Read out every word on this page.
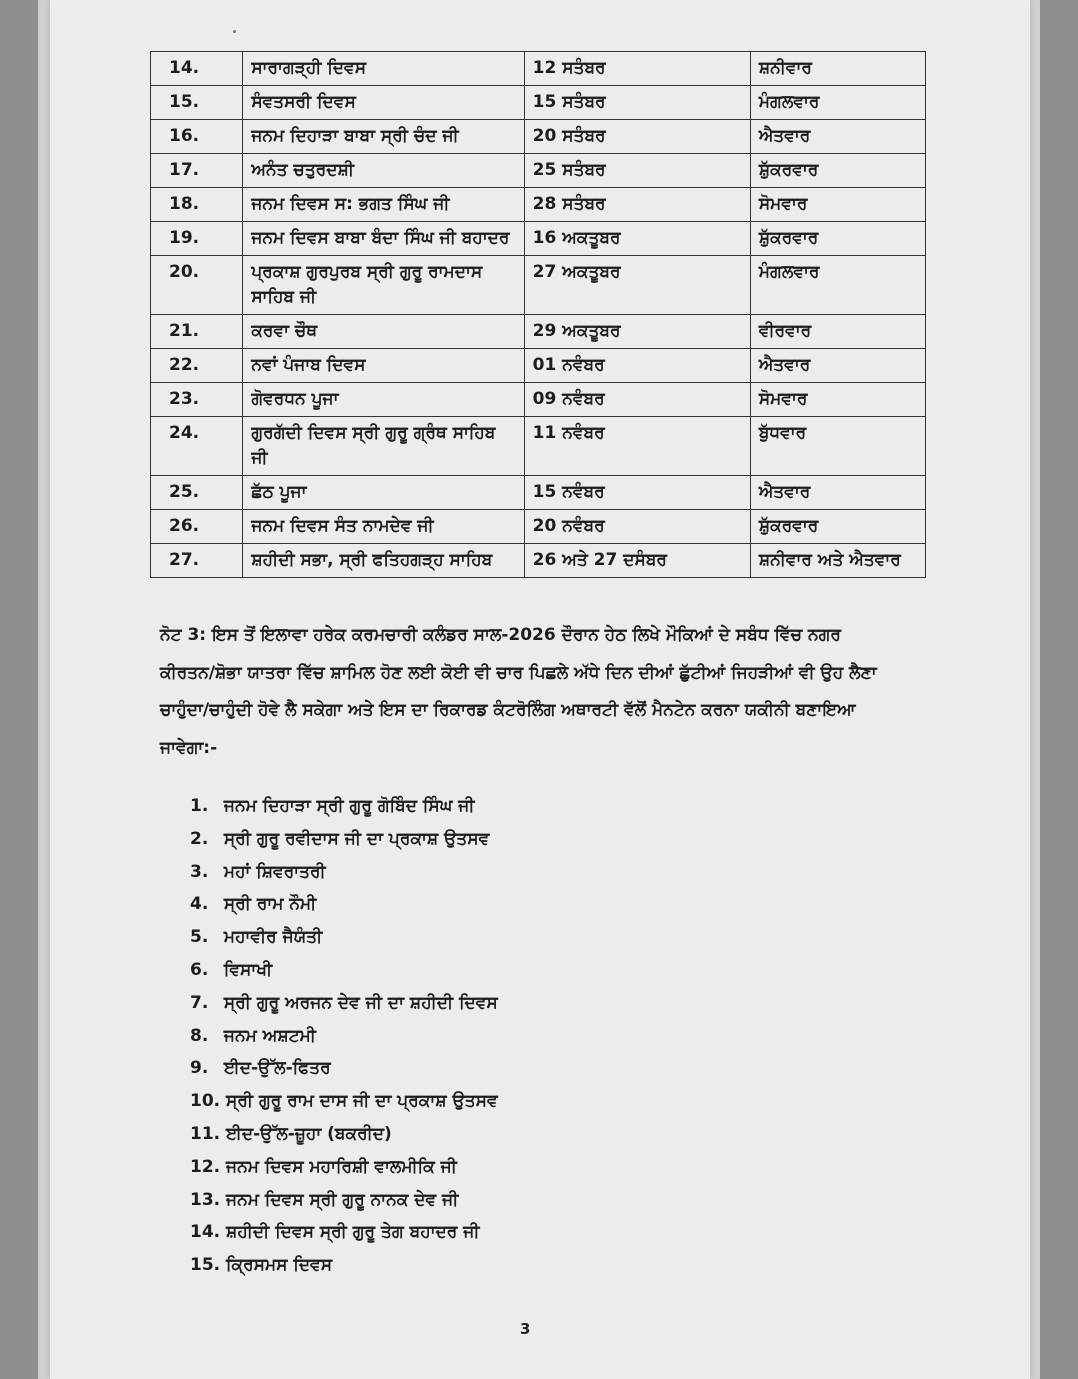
14.	ਸਾਰਾਗੜ੍ਹੀ ਦਿਵਸ	12 ਸਤੰਬਰ	ਸ਼ਨੀਵਾਰ
15.	ਸੰਵਤਸਰੀ ਦਿਵਸ	15 ਸਤੰਬਰ	ਮੰਗਲਵਾਰ
16.	ਜਨਮ ਦਿਹਾੜਾ ਬਾਬਾ ਸ੍ਰੀ ਚੰਦ ਜੀ	20 ਸਤੰਬਰ	ਐਤਵਾਰ
17.	ਅਨੰਤ ਚਤੁਰਦਸ਼ੀ	25 ਸਤੰਬਰ	ਸ਼ੁੱਕਰਵਾਰ
18.	ਜਨਮ ਦਿਵਸ ਸ: ਭਗਤ ਸਿੰਘ ਜੀ	28 ਸਤੰਬਰ	ਸੋਮਵਾਰ
19.	ਜਨਮ ਦਿਵਸ ਬਾਬਾ ਬੰਦਾ ਸਿੰਘ ਜੀ ਬਹਾਦਰ	16 ਅਕਤੂਬਰ	ਸ਼ੁੱਕਰਵਾਰ
20.	ਪ੍ਰਕਾਸ਼ ਗੁਰਪੁਰਬ ਸ੍ਰੀ ਗੁਰੂ ਰਾਮਦਾਸ ਸਾਹਿਬ ਜੀ	27 ਅਕਤੂਬਰ	ਮੰਗਲਵਾਰ
21.	ਕਰਵਾ ਚੌਥ	29 ਅਕਤੂਬਰ	ਵੀਰਵਾਰ
22.	ਨਵਾਂ ਪੰਜਾਬ ਦਿਵਸ	01 ਨਵੰਬਰ	ਐਤਵਾਰ
23.	ਗੋਵਰਧਨ ਪੂਜਾ	09 ਨਵੰਬਰ	ਸੋਮਵਾਰ
24.	ਗੁਰਗੱਦੀ ਦਿਵਸ ਸ੍ਰੀ ਗੁਰੂ ਗ੍ਰੰਥ ਸਾਹਿਬ ਜੀ	11 ਨਵੰਬਰ	ਬੁੱਧਵਾਰ
25.	ਛੱਠ ਪੂਜਾ	15 ਨਵੰਬਰ	ਐਤਵਾਰ
26.	ਜਨਮ ਦਿਵਸ ਸੰਤ ਨਾਮਦੇਵ ਜੀ	20 ਨਵੰਬਰ	ਸ਼ੁੱਕਰਵਾਰ
27.	ਸ਼ਹੀਦੀ ਸਭਾ, ਸ੍ਰੀ ਫਤਿਹਗੜ੍ਹ ਸਾਹਿਬ	26 ਅਤੇ 27 ਦਸੰਬਰ	ਸ਼ਨੀਵਾਰ ਅਤੇ ਐਤਵਾਰ
ਨੋਟ 3: ਇਸ ਤੋਂ ਇਲਾਵਾ ਹਰੇਕ ਕਰਮਚਾਰੀ ਕਲੰਡਰ ਸਾਲ-2026 ਦੌਰਾਨ ਹੇਠ ਲਿਖੇ ਮੌਕਿਆਂ ਦੇ ਸਬੰਧ ਵਿੱਚ ਨਗਰ ਕੀਰਤਨ/ਸ਼ੋਭਾ ਯਾਤਰਾ ਵਿੱਚ ਸ਼ਾਮਿਲ ਹੋਣ ਲਈ ਕੋਈ ਵੀ ਚਾਰ ਪਿਛਲੇ ਅੱਧੇ ਦਿਨ ਦੀਆਂ ਛੁੱਟੀਆਂ ਜਿਹੜੀਆਂ ਵੀ ਉਹ ਲੈਣਾ ਚਾਹੁੰਦਾ/ਚਾਹੁੰਦੀ ਹੋਵੇ ਲੈ ਸਕੇਗਾ ਅਤੇ ਇਸ ਦਾ ਰਿਕਾਰਡ ਕੰਟਰੋਲਿੰਗ ਅਥਾਰਟੀ ਵੱਲੋਂ ਮੈਨਟੇਨ ਕਰਨਾ ਯਕੀਨੀ ਬਣਾਇਆ ਜਾਵੇਗਾ:-
1. ਜਨਮ ਦਿਹਾੜਾ ਸ੍ਰੀ ਗੁਰੂ ਗੋਬਿੰਦ ਸਿੰਘ ਜੀ
2. ਸ੍ਰੀ ਗੁਰੂ ਰਵੀਦਾਸ ਜੀ ਦਾ ਪ੍ਰਕਾਸ਼ ਉਤਸਵ
3. ਮਹਾਂ ਸ਼ਿਵਰਾਤਰੀ
4. ਸ੍ਰੀ ਰਾਮ ਨੌਮੀ
5. ਮਹਾਵੀਰ ਜੈਯੰਤੀ
6. ਵਿਸਾਖੀ
7. ਸ੍ਰੀ ਗੁਰੂ ਅਰਜਨ ਦੇਵ ਜੀ ਦਾ ਸ਼ਹੀਦੀ ਦਿਵਸ
8. ਜਨਮ ਅਸ਼ਟਮੀ
9. ਈਦ-ਉੱਲ-ਫਿਤਰ
10. ਸ੍ਰੀ ਗੁਰੂ ਰਾਮ ਦਾਸ ਜੀ ਦਾ ਪ੍ਰਕਾਸ਼ ਉਤਸਵ
11. ਈਦ-ਉੱਲ-ਜ਼ੂਹਾ (ਬਕਰੀਦ)
12. ਜਨਮ ਦਿਵਸ ਮਹਾਰਿਸ਼ੀ ਵਾਲਮੀਕਿ ਜੀ
13. ਜਨਮ ਦਿਵਸ ਸ੍ਰੀ ਗੁਰੂ ਨਾਨਕ ਦੇਵ ਜੀ
14. ਸ਼ਹੀਦੀ ਦਿਵਸ ਸ੍ਰੀ ਗੁਰੂ ਤੇਗ ਬਹਾਦਰ ਜੀ
15. ਕ੍ਰਿਸਮਸ ਦਿਵਸ
3
